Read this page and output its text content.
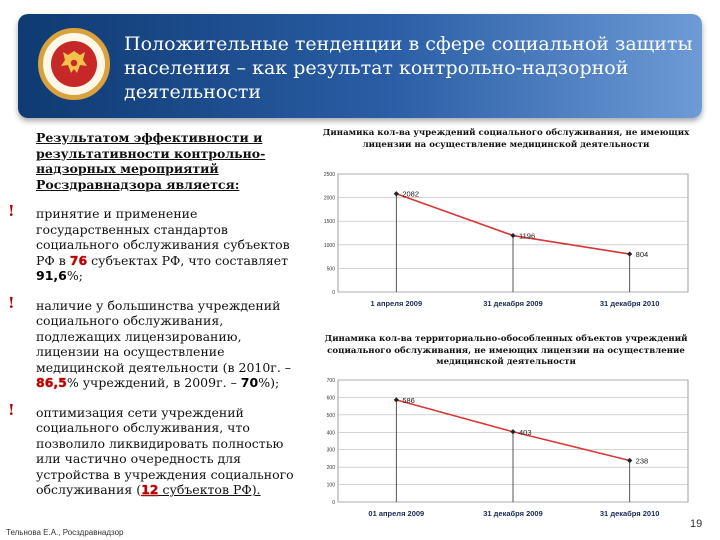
Положительные тенденции в сфере социальной защиты населения – как результат контрольно-надзорной деятельности
Результатом эффективности и результативности контрольно-надзорных мероприятий Росздравнадзора является:
! принятие и применение государственных стандартов социального обслуживания субъектов РФ в 76 субъектах РФ, что составляет 91,6%;
! наличие у большинства учреждений социального обслуживания, подлежащих лицензированию, лицензии на осуществление медицинской деятельности (в 2010г. – 86,5% учреждений, в 2009г. – 70%);
! оптимизация сети учреждений социального обслуживания, что позволило ликвидировать полностью или частично очередность для устройства в учреждения социального обслуживания (12 субъектов РФ).
Динамика кол-ва учреждений социального обслуживания, не имеющих лицензии на осуществление медицинской деятельности
0
500
1000
1500
2000
2500
1 апреля 2009	31 декабря 2009	31 декабря 2010
2082
1196
804
Динамика кол-ва территориально-обособленных объектов учреждений социального обслуживания, не имеющих лицензии на осуществление медицинской деятельности
0
100
200
300
400
500
600
700
01 апреля 2009	31 декабря 2009	31 декабря 2010
586
403
238
Тельнова Е.А., Росздравнадзор
19
